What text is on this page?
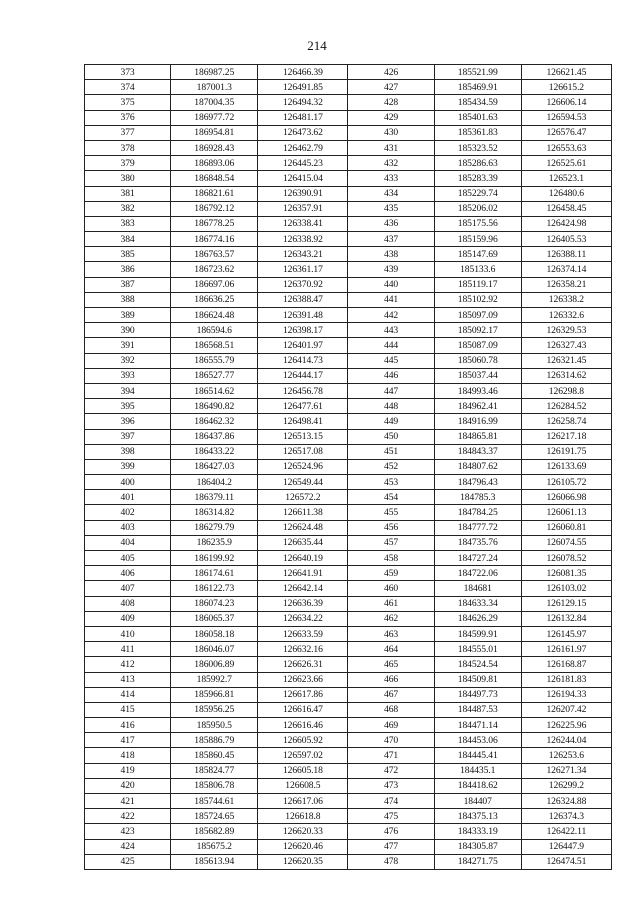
214
373	186987.25	126466.39	426	185521.99	126621.45
374	187001.3	126491.85	427	185469.91	126615.2
375	187004.35	126494.32	428	185434.59	126606.14
376	186977.72	126481.17	429	185401.63	126594.53
377	186954.81	126473.62	430	185361.83	126576.47
378	186928.43	126462.79	431	185323.52	126553.63
379	186893.06	126445.23	432	185286.63	126525.61
380	186848.54	126415.04	433	185283.39	126523.1
381	186821.61	126390.91	434	185229.74	126480.6
382	186792.12	126357.91	435	185206.02	126458.45
383	186778.25	126338.41	436	185175.56	126424.98
384	186774.16	126338.92	437	185159.96	126405.53
385	186763.57	126343.21	438	185147.69	126388.11
386	186723.62	126361.17	439	185133.6	126374.14
387	186697.06	126370.92	440	185119.17	126358.21
388	186636.25	126388.47	441	185102.92	126338.2
389	186624.48	126391.48	442	185097.09	126332.6
390	186594.6	126398.17	443	185092.17	126329.53
391	186568.51	126401.97	444	185087.09	126327.43
392	186555.79	126414.73	445	185060.78	126321.45
393	186527.77	126444.17	446	185037.44	126314.62
394	186514.62	126456.78	447	184993.46	126298.8
395	186490.82	126477.61	448	184962.41	126284.52
396	186462.32	126498.41	449	184916.99	126258.74
397	186437.86	126513.15	450	184865.81	126217.18
398	186433.22	126517.08	451	184843.37	126191.75
399	186427.03	126524.96	452	184807.62	126133.69
400	186404.2	126549.44	453	184796.43	126105.72
401	186379.11	126572.2	454	184785.3	126066.98
402	186314.82	126611.38	455	184784.25	126061.13
403	186279.79	126624.48	456	184777.72	126060.81
404	186235.9	126635.44	457	184735.76	126074.55
405	186199.92	126640.19	458	184727.24	126078.52
406	186174.61	126641.91	459	184722.06	126081.35
407	186122.73	126642.14	460	184681	126103.02
408	186074.23	126636.39	461	184633.34	126129.15
409	186065.37	126634.22	462	184626.29	126132.84
410	186058.18	126633.59	463	184599.91	126145.97
411	186046.07	126632.16	464	184555.01	126161.97
412	186006.89	126626.31	465	184524.54	126168.87
413	185992.7	126623.66	466	184509.81	126181.83
414	185966.81	126617.86	467	184497.73	126194.33
415	185956.25	126616.47	468	184487.53	126207.42
416	185950.5	126616.46	469	184471.14	126225.96
417	185886.79	126605.92	470	184453.06	126244.04
418	185860.45	126597.02	471	184445.41	126253.6
419	185824.77	126605.18	472	184435.1	126271.34
420	185806.78	126608.5	473	184418.62	126299.2
421	185744.61	126617.06	474	184407	126324.88
422	185724.65	126618.8	475	184375.13	126374.3
423	185682.89	126620.33	476	184333.19	126422.11
424	185675.2	126620.46	477	184305.87	126447.9
425	185613.94	126620.35	478	184271.75	126474.51
